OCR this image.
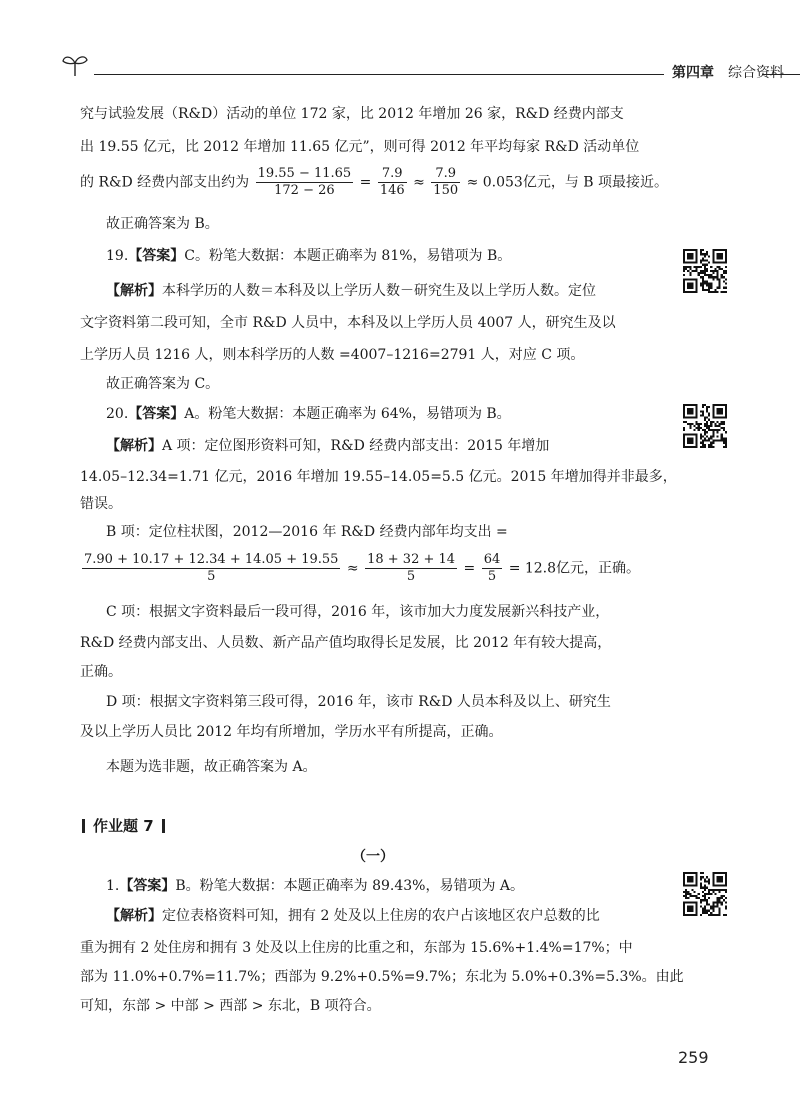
第四章 综合资料
究与试验发展（R&D）活动的单位 172 家，比 2012 年增加 26 家，R&D 经费内部支
出 19.55 亿元，比 2012 年增加 11.65 亿元”，则可得 2012 年平均每家 R&D 活动单位
的 R&D 经费内部支出约为 $\frac{19.55 - 11.65}{172 - 26} = \frac{7.9}{146} \approx \frac{7.9}{150} \approx 0.053$亿元，与 B 项最接近。
故正确答案为 B。
19.【答案】C。粉笔大数据：本题正确率为 81%，易错项为 B。
【解析】本科学历的人数＝本科及以上学历人数－研究生及以上学历人数。定位
文字资料第二段可知，全市 R&D 人员中，本科及以上学历人员 4007 人，研究生及以
上学历人员 1216 人，则本科学历的人数 =4007–1216=2791 人，对应 C 项。
故正确答案为 C。
20.【答案】A。粉笔大数据：本题正确率为 64%，易错项为 B。
【解析】A 项：定位图形资料可知，R&D 经费内部支出：2015 年增加
14.05–12.34=1.71 亿元，2016 年增加 19.55–14.05=5.5 亿元。2015 年增加得并非最多，
错误。
B 项：定位柱状图，2012—2016 年 R&D 经费内部年均支出 =
$\frac{7.90 + 10.17 + 12.34 + 14.05 + 19.55}{5} \approx \frac{18 + 32 + 14}{5} = \frac{64}{5} = 12.8$亿元，正确。
C 项：根据文字资料最后一段可得，2016 年，该市加大力度发展新兴科技产业，
R&D 经费内部支出、人员数、新产品产值均取得长足发展，比 2012 年有较大提高，
正确。
D 项：根据文字资料第三段可得，2016 年，该市 R&D 人员本科及以上、研究生
及以上学历人员比 2012 年均有所增加，学历水平有所提高，正确。
本题为选非题，故正确答案为 A。
作业题 7
（一）
1.【答案】B。粉笔大数据：本题正确率为 89.43%，易错项为 A。
【解析】定位表格资料可知，拥有 2 处及以上住房的农户占该地区农户总数的比
重为拥有 2 处住房和拥有 3 处及以上住房的比重之和，东部为 15.6%+1.4%=17%；中
部为 11.0%+0.7%=11.7%；西部为 9.2%+0.5%=9.7%；东北为 5.0%+0.3%=5.3%。由此
可知，东部 > 中部 > 西部 > 东北，B 项符合。
259
